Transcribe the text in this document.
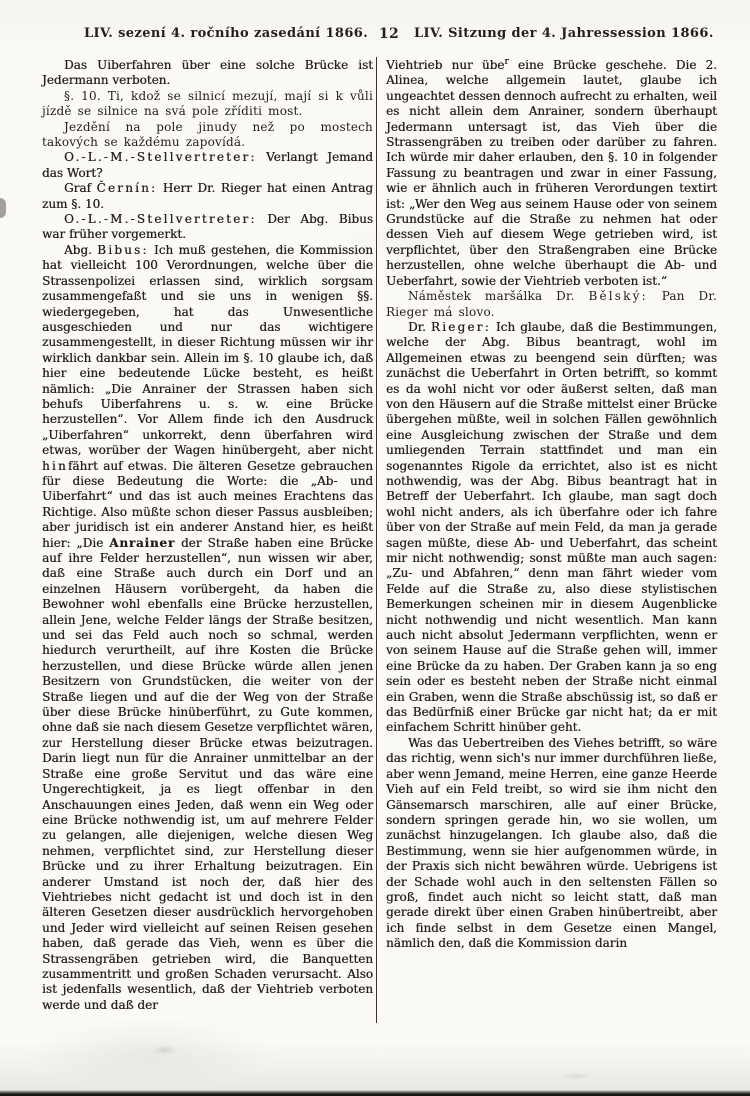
LIV. sezení 4. ročního zasedání 1866. 12	LIV. Sitzung der 4. Jahressession 1866.

Das Uiberfahren über eine solche Brücke ist Jedermann verboten.

§. 10. Ti, kdož se silnicí mezují, mají si k vůli jízdě se silnice na svá pole zříditi most.

Jezdění na pole jinudy než po mostech takových se každému zapovídá.

O.-L.-M.-Stellvertreter: Verlangt Jemand das Wort?

Graf Černín: Herr Dr. Rieger hat einen Antrag zum §. 10.

O.-L.-M.-Stellvertreter: Der Abg. Bibus war früher vorgemerkt.

Abg. Bibus: Ich muß gestehen, die Kommission hat vielleicht 100 Verordnungen, welche über die Strassenpolizei erlassen sind, wirklich sorgsam zusammengefaßt und sie uns in wenigen §§. wiedergegeben, hat das Unwesentliche ausgeschieden und nur das wichtigere zusammengestellt, in dieser Richtung müssen wir ihr wirklich dankbar sein. Allein im §. 10 glaube ich, daß hier eine bedeutende Lücke besteht, es heißt nämlich: „Die Anrainer der Strassen haben sich behufs Uiberfahrens u. s. w. eine Brücke herzustellen“. Vor Allem finde ich den Ausdruck „Uiberfahren“ unkorrekt, denn überfahren wird etwas, worüber der Wagen hinübergeht, aber nicht hinfährt auf etwas. Die älteren Gesetze gebrauchen für diese Bedeutung die Worte: die „Ab- und Uiberfahrt“ und das ist auch meines Erachtens das Richtige. Also müßte schon dieser Passus ausbleiben; aber juridisch ist ein anderer Anstand hier, es heißt hier: „Die Anrainer der Straße haben eine Brücke auf ihre Felder herzustellen“, nun wissen wir aber, daß eine Straße auch durch ein Dorf und an einzelnen Häusern vorübergeht, da haben die Bewohner wohl ebenfalls eine Brücke herzustellen, allein Jene, welche Felder längs der Straße besitzen, und sei das Feld auch noch so schmal, werden hiedurch verurtheilt, auf ihre Kosten die Brücke herzustellen, und diese Brücke würde allen jenen Besitzern von Grundstücken, die weiter von der Straße liegen und auf die der Weg von der Straße über diese Brücke hinüberführt, zu Gute kommen, ohne daß sie nach diesem Gesetze verpflichtet wären, zur Herstellung dieser Brücke etwas beizutragen. Darin liegt nun für die Anrainer unmittelbar an der Straße eine große Servitut und das wäre eine Ungerechtigkeit, ja es liegt offenbar in den Anschauungen eines Jeden, daß wenn ein Weg oder eine Brücke nothwendig ist, um auf mehrere Felder zu gelangen, alle diejenigen, welche diesen Weg nehmen, verpflichtet sind, zur Herstellung dieser Brücke und zu ihrer Erhaltung beizutragen. Ein anderer Umstand ist noch der, daß hier des Viehtriebes nicht gedacht ist und doch ist in den älteren Gesetzen dieser ausdrücklich hervorgehoben und Jeder wird vielleicht auf seinen Reisen gesehen haben, daß gerade das Vieh, wenn es über die Strassengräben getrieben wird, die Banquetten zusammentritt und großen Schaden verursacht. Also ist jedenfalls wesentlich, daß der Viehtrieb verboten werde und daß der

Viehtrieb nur übe$^r$ eine Brücke geschehe. Die 2. Alinea, welche allgemein lautet, glaube ich ungeachtet dessen dennoch aufrecht zu erhalten, weil es nicht allein dem Anrainer, sondern überhaupt Jedermann untersagt ist, das Vieh über die Strassengräben zu treiben oder darüber zu fahren. Ich würde mir daher erlauben, den §. 10 in folgender Fassung zu beantragen und zwar in einer Fassung, wie er ähnlich auch in früheren Verordungen textirt ist: „Wer den Weg aus seinem Hause oder von seinem Grundstücke auf die Straße zu nehmen hat oder dessen Vieh auf diesem Wege getrieben wird, ist verpflichtet, über den Straßengraben eine Brücke herzustellen, ohne welche überhaupt die Ab- und Ueberfahrt, sowie der Viehtrieb verboten ist.“

Náměstek maršálka Dr. Bělský: Pan Dr. Rieger má slovo.

Dr. Rieger: Ich glaube, daß die Bestimmungen, welche der Abg. Bibus beantragt, wohl im Allgemeinen etwas zu beengend sein dürften; was zunächst die Ueberfahrt in Orten betrifft, so kommt es da wohl nicht vor oder äußerst selten, daß man von den Häusern auf die Straße mittelst einer Brücke übergehen müßte, weil in solchen Fällen gewöhnlich eine Ausgleichung zwischen der Straße und dem umliegenden Terrain stattfindet und man ein sogenanntes Rigole da errichtet, also ist es nicht nothwendig, was der Abg. Bibus beantragt hat in Betreff der Ueberfahrt. Ich glaube, man sagt doch wohl nicht anders, als ich überfahre oder ich fahre über von der Straße auf mein Feld, da man ja gerade sagen müßte, diese Ab- und Ueberfahrt, das scheint mir nicht nothwendig; sonst müßte man auch sagen: „Zu- und Abfahren,“ denn man fährt wieder vom Felde auf die Straße zu, also diese stylistischen Bemerkungen scheinen mir in diesem Augenblicke nicht nothwendig und nicht wesentlich. Man kann auch nicht absolut Jedermann verpflichten, wenn er von seinem Hause auf die Straße gehen will, immer eine Brücke da zu haben. Der Graben kann ja so eng sein oder es besteht neben der Straße nicht einmal ein Graben, wenn die Straße abschüssig ist, so daß er das Bedürfniß einer Brücke gar nicht hat; da er mit einfachem Schritt hinüber geht.

Was das Uebertreiben des Viehes betrifft, so wäre das richtig, wenn sich's nur immer durchführen ließe, aber wenn Jemand, meine Herren, eine ganze Heerde Vieh auf ein Feld treibt, so wird sie ihm nicht den Gänsemarsch marschiren, alle auf einer Brücke, sondern springen gerade hin, wo sie wollen, um zunächst hinzugelangen. Ich glaube also, daß die Bestimmung, wenn sie hier aufgenommen würde, in der Praxis sich nicht bewähren würde. Uebrigens ist der Schade wohl auch in den seltensten Fällen so groß, findet auch nicht so leicht statt, daß man gerade direkt über einen Graben hinübertreibt, aber ich finde selbst in dem Gesetze einen Mangel, nämlich den, daß die Kommission darin
